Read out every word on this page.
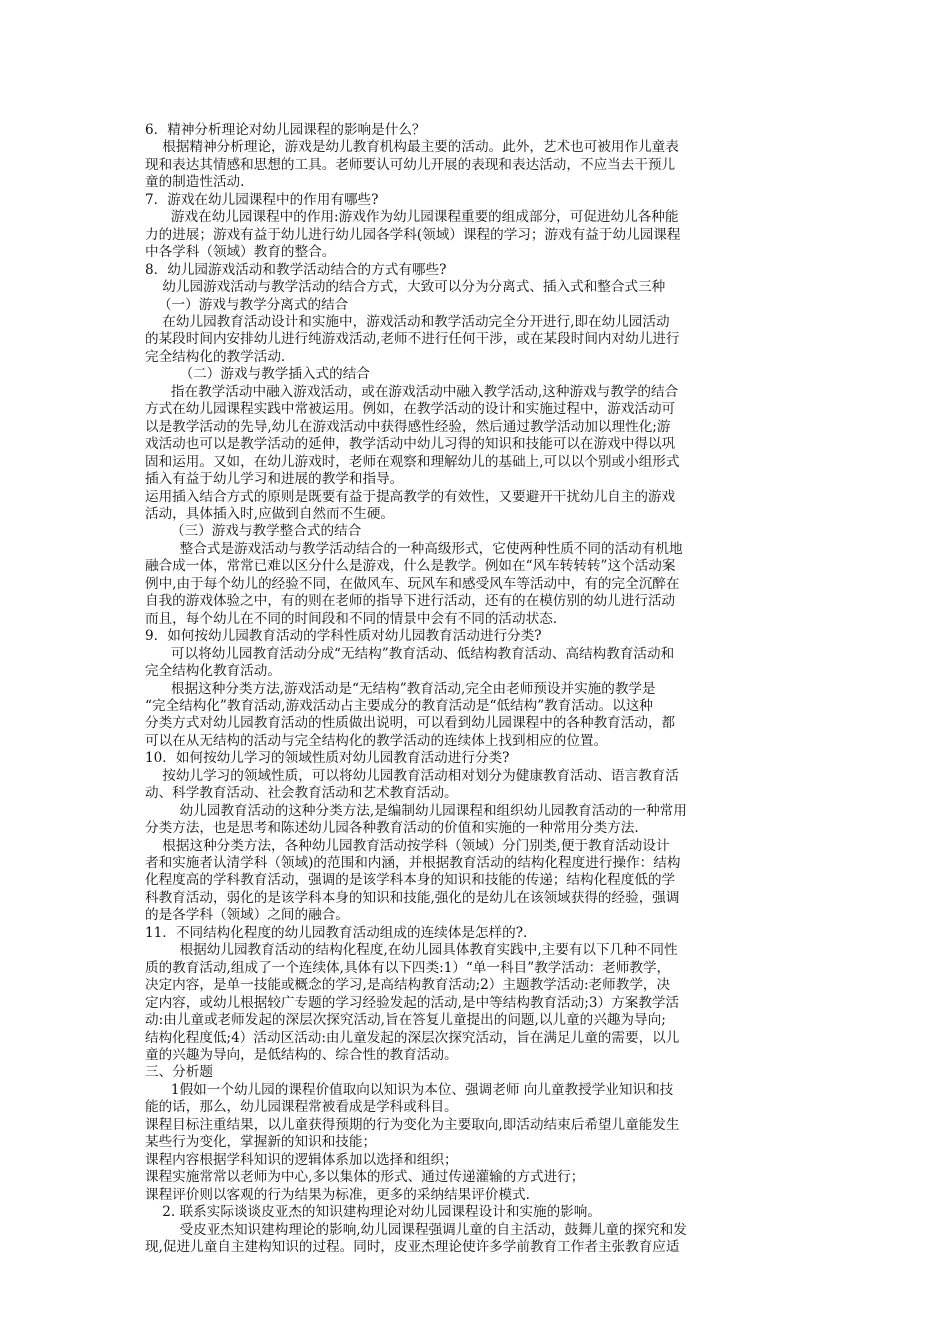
6．精神分析理论对幼儿园课程的影响是什么？
根据精神分析理论，游戏是幼儿教育机构最主要的活动。此外，艺术也可被用作儿童表
现和表达其情感和思想的工具。老师要认可幼儿开展的表现和表达活动，不应当去干预儿
童的制造性活动.
7．游戏在幼儿园课程中的作用有哪些?
游戏在幼儿园课程中的作用:游戏作为幼儿园课程重要的组成部分，可促进幼儿各种能
力的进展；游戏有益于幼儿进行幼儿园各学科(领域）课程的学习；游戏有益于幼儿园课程
中各学科（领域）教育的整合。
8．幼儿园游戏活动和教学活动结合的方式有哪些?
幼儿园游戏活动与教学活动的结合方式，大致可以分为分离式、插入式和整合式三种
（一）游戏与教学分离式的结合
在幼儿园教育活动设计和实施中，游戏活动和教学活动完全分开进行,即在幼儿园活动
的某段时间内安排幼儿进行纯游戏活动,老师不进行任何干涉，或在某段时间内对幼儿进行
完全结构化的教学活动.
（二）游戏与教学插入式的结合
指在教学活动中融入游戏活动，或在游戏活动中融入教学活动,这种游戏与教学的结合
方式在幼儿园课程实践中常被运用。例如，在教学活动的设计和实施过程中，游戏活动可
以是教学活动的先导,幼儿在游戏活动中获得感性经验，然后通过教学活动加以理性化;游
戏活动也可以是教学活动的延伸，教学活动中幼儿习得的知识和技能可以在游戏中得以巩
固和运用。又如，在幼儿游戏时，老师在观察和理解幼儿的基础上,可以以个别或小组形式
插入有益于幼儿学习和进展的教学和指导。
运用插入结合方式的原则是既要有益于提高教学的有效性，又要避开干扰幼儿自主的游戏
活动，具体插入时,应做到自然而不生硬。
（三）游戏与教学整合式的结合
整合式是游戏活动与教学活动结合的一种高级形式，它使两种性质不同的活动有机地
融合成一体，常常已难以区分什么是游戏，什么是教学。例如在“风车转转转”这个活动案
例中,由于每个幼儿的经验不同，在做风车、玩风车和感受风车等活动中，有的完全沉醉在
自我的游戏体验之中，有的则在老师的指导下进行活动，还有的在模仿别的幼儿进行活动
而且，每个幼儿在不同的时间段和不同的情景中会有不同的活动状态.
9．如何按幼儿园教育活动的学科性质对幼儿园教育活动进行分类?
可以将幼儿园教育活动分成“无结构”教育活动、低结构教育活动、高结构教育活动和
完全结构化教育活动。
根据这种分类方法,游戏活动是“无结构”教育活动,完全由老师预设并实施的教学是
“完全结构化”教育活动,游戏活动占主要成分的教育活动是“低结构”教育活动。以这种
分类方式对幼儿园教育活动的性质做出说明，可以看到幼儿园课程中的各种教育活动，都
可以在从无结构的活动与完全结构化的教学活动的连续体上找到相应的位置。
10．如何按幼儿学习的领域性质对幼儿园教育活动进行分类?
按幼儿学习的领域性质，可以将幼儿园教育活动相对划分为健康教育活动、语言教育活
动、科学教育活动、社会教育活动和艺术教育活动。
幼儿园教育活动的这种分类方法,是编制幼儿园课程和组织幼儿园教育活动的一种常用
分类方法，也是思考和陈述幼儿园各种教育活动的价值和实施的一种常用分类方法.
根据这种分类方法，各种幼儿园教育活动按学科（领域）分门别类,便于教育活动设计
者和实施者认清学科（领域)的范围和内涵，并根据教育活动的结构化程度进行操作：结构
化程度高的学科教育活动，强调的是该学科本身的知识和技能的传递；结构化程度低的学
科教育活动，弱化的是该学科本身的知识和技能,强化的是幼儿在该领域获得的经验，强调
的是各学科（领域）之间的融合。
11．不同结构化程度的幼儿园教育活动组成的连续体是怎样的?.
根据幼儿园教育活动的结构化程度,在幼儿园具体教育实践中,主要有以下几种不同性
质的教育活动,组成了一个连续体,具体有以下四类:1）“单一科目”教学活动：老师教学，
决定内容，是单一技能或概念的学习,是高结构教育活动;2）主题教学活动:老师教学，决
定内容，或幼儿根据较广专题的学习经验发起的活动,是中等结构教育活动;3）方案教学活
动:由儿童或老师发起的深层次探究活动,旨在答复儿童提出的问题,以儿童的兴趣为导向;
结构化程度低;4）活动区活动:由儿童发起的深层次探究活动，旨在满足儿童的需要，以儿
童的兴趣为导向，是低结构的、综合性的教育活动。
三、分析题
1假如一个幼儿园的课程价值取向以知识为本位、强调老师 向儿童教授学业知识和技
能的话，那么，幼儿园课程常被看成是学科或科目。
课程目标注重结果，以儿童获得预期的行为变化为主要取向,即活动结束后希望儿童能发生
某些行为变化，掌握新的知识和技能；
课程内容根据学科知识的逻辑体系加以选择和组织；
课程实施常常以老师为中心,多以集体的形式、通过传递灌输的方式进行；
课程评价则以客观的行为结果为标准，更多的采纳结果评价模式.
2. 联系实际谈谈皮亚杰的知识建构理论对幼儿园课程设计和实施的影响。
受皮亚杰知识建构理论的影响,幼儿园课程强调儿童的自主活动，鼓舞儿童的探究和发
现,促进儿童自主建构知识的过程。同时，皮亚杰理论使许多学前教育工作者主张教育应适
